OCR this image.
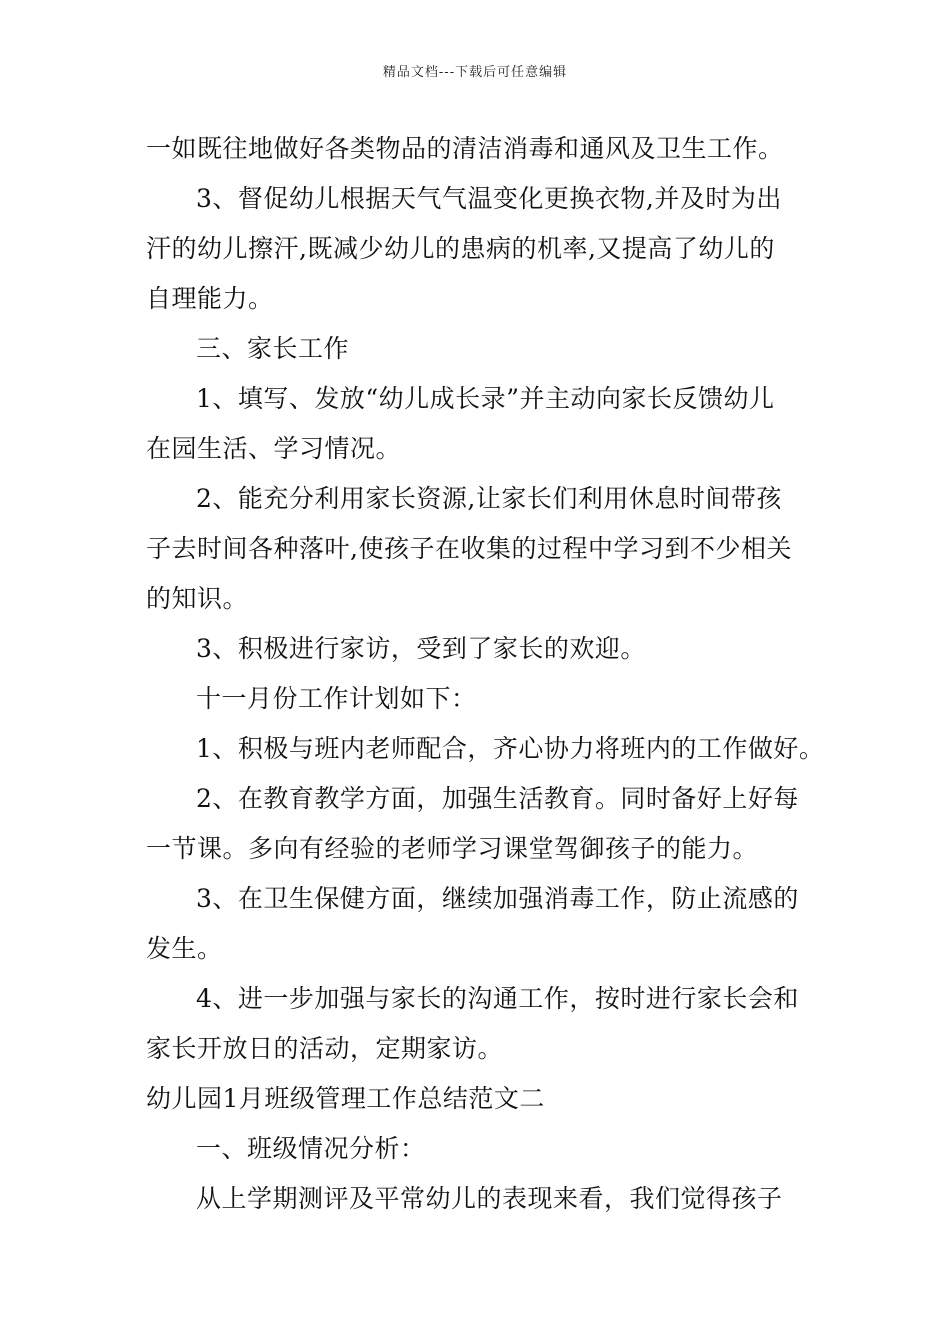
精品文档---下载后可任意编辑
一如既往地做好各类物品的清洁消毒和通风及卫生工作。
3、督促幼儿根据天气气温变化更换衣物,并及时为出
汗的幼儿擦汗,既减少幼儿的患病的机率,又提高了幼儿的
自理能力。
三、家长工作
1、填写、发放“幼儿成长录”并主动向家长反馈幼儿
在园生活、学习情况。
2、能充分利用家长资源,让家长们利用休息时间带孩
子去时间各种落叶,使孩子在收集的过程中学习到不少相关
的知识。
3、积极进行家访，受到了家长的欢迎。
十一月份工作计划如下：
1、积极与班内老师配合，齐心协力将班内的工作做好。
2、在教育教学方面，加强生活教育。同时备好上好每
一节课。多向有经验的老师学习课堂驾御孩子的能力。
3、在卫生保健方面，继续加强消毒工作，防止流感的
发生。
4、进一步加强与家长的沟通工作，按时进行家长会和
家长开放日的活动，定期家访。
幼儿园1月班级管理工作总结范文二
一、班级情况分析：
从上学期测评及平常幼儿的表现来看，我们觉得孩子
